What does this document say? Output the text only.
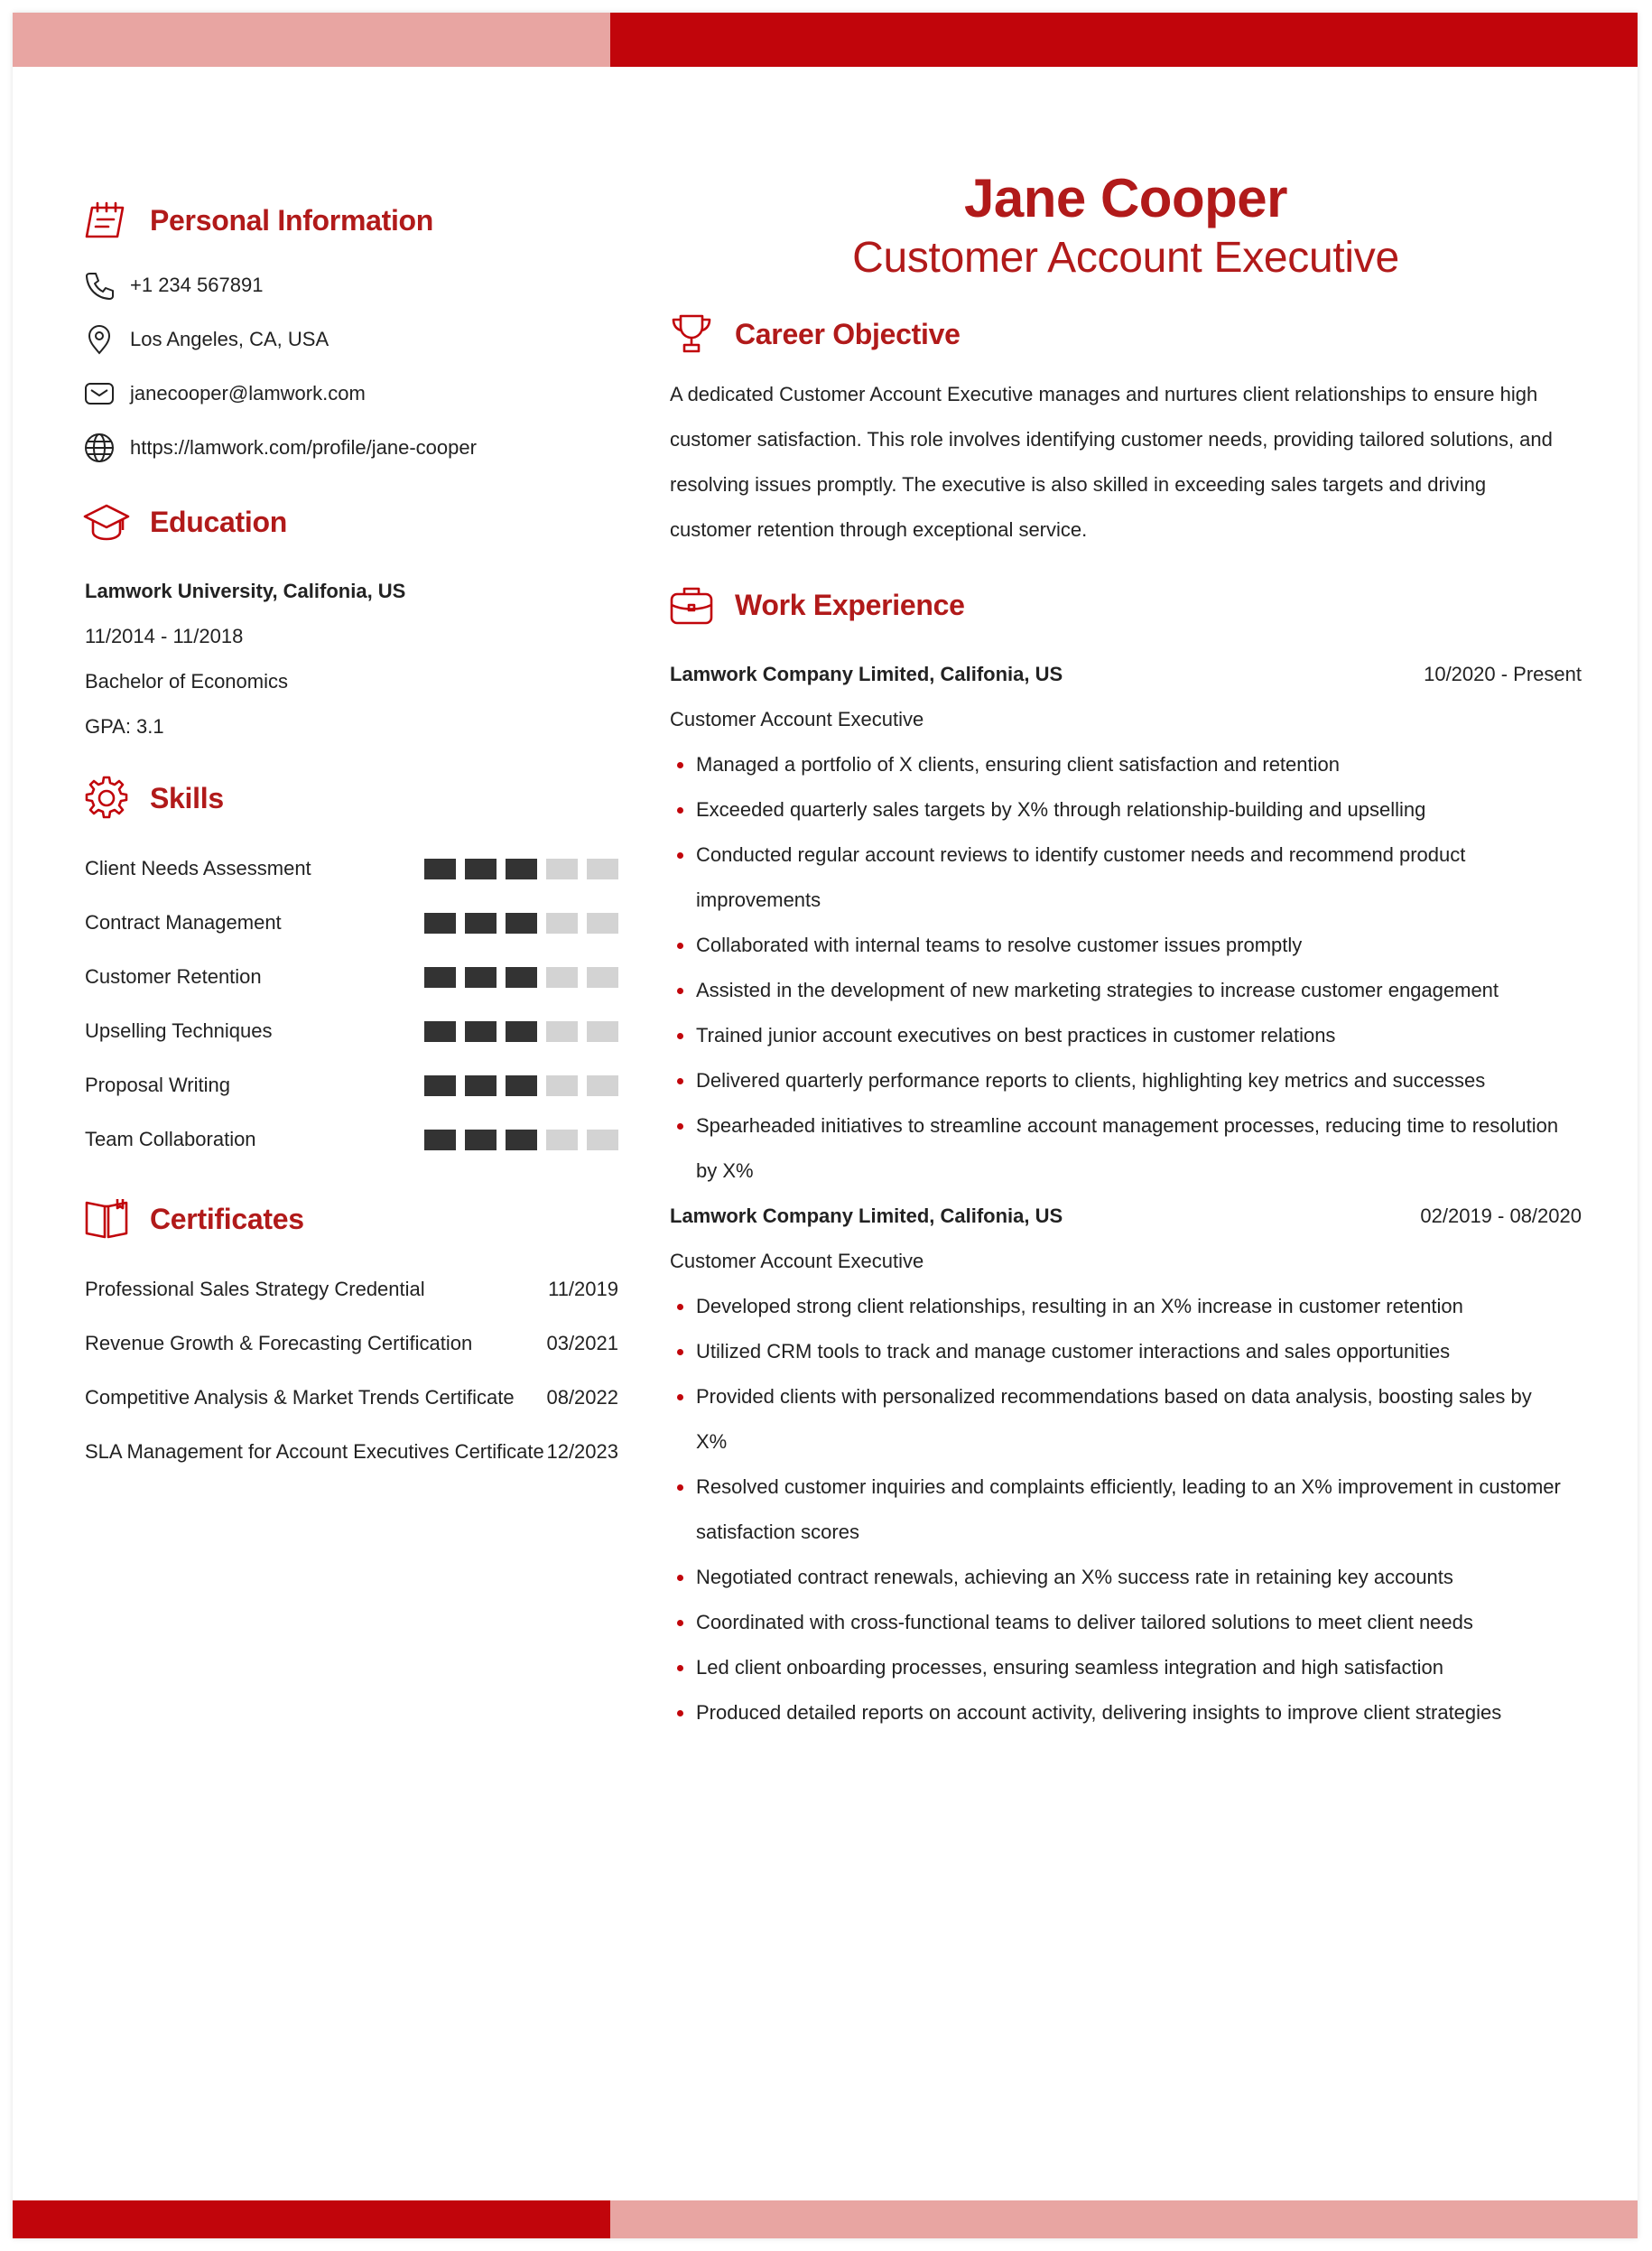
Personal Information
+1 234 567891
Los Angeles, CA, USA
janecooper@lamwork.com
https://lamwork.com/profile/jane-cooper
Education
Lamwork University, Califonia, US
11/2014 - 11/2018
Bachelor of Economics
GPA: 3.1
Skills
Client Needs Assessment
Contract Management
Customer Retention
Upselling Techniques
Proposal Writing
Team Collaboration
Certificates
Professional Sales Strategy Credential	11/2019
Revenue Growth & Forecasting Certification	03/2021
Competitive Analysis & Market Trends Certificate 08/2022
SLA Management for Account Executives Certificate 12/2023
Jane Cooper
Customer Account Executive
Career Objective
A dedicated Customer Account Executive manages and nurtures client relationships to ensure high customer satisfaction. This role involves identifying customer needs, providing tailored solutions, and resolving issues promptly. The executive is also skilled in exceeding sales targets and driving customer retention through exceptional service.
Work Experience
Lamwork Company Limited, Califonia, US	10/2020 - Present
Customer Account Executive
Managed a portfolio of X clients, ensuring client satisfaction and retention
Exceeded quarterly sales targets by X% through relationship-building and upselling
Conducted regular account reviews to identify customer needs and recommend product improvements
Collaborated with internal teams to resolve customer issues promptly
Assisted in the development of new marketing strategies to increase customer engagement
Trained junior account executives on best practices in customer relations
Delivered quarterly performance reports to clients, highlighting key metrics and successes
Spearheaded initiatives to streamline account management processes, reducing time to resolution by X%
Lamwork Company Limited, Califonia, US	02/2019 - 08/2020
Customer Account Executive
Developed strong client relationships, resulting in an X% increase in customer retention
Utilized CRM tools to track and manage customer interactions and sales opportunities
Provided clients with personalized recommendations based on data analysis, boosting sales by X%
Resolved customer inquiries and complaints efficiently, leading to an X% improvement in customer satisfaction scores
Negotiated contract renewals, achieving an X% success rate in retaining key accounts
Coordinated with cross-functional teams to deliver tailored solutions to meet client needs
Led client onboarding processes, ensuring seamless integration and high satisfaction
Produced detailed reports on account activity, delivering insights to improve client strategies
